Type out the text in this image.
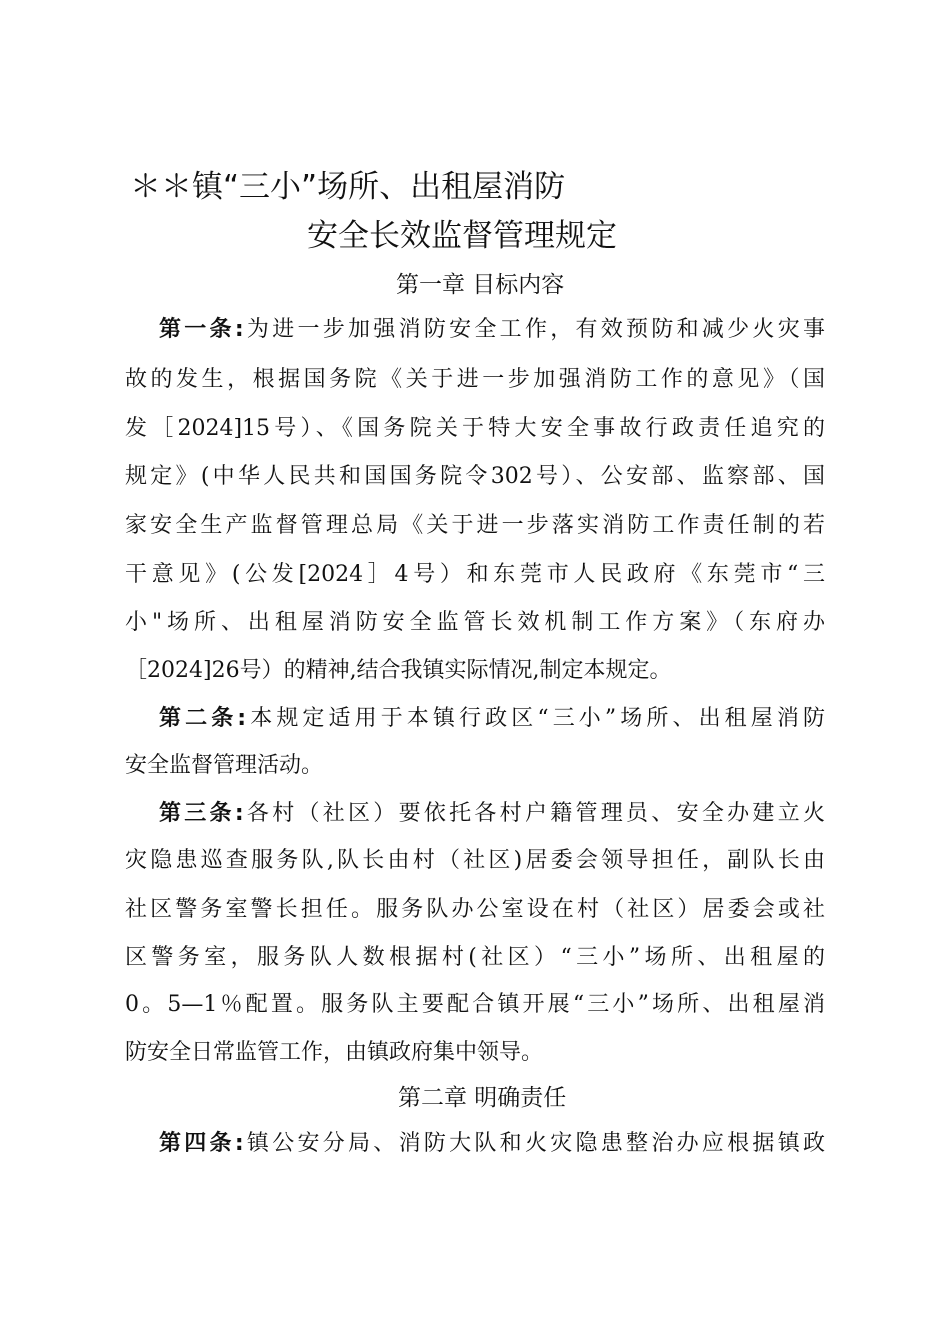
＊＊镇“三小”场所、出租屋消防
安全长效监督管理规定
第一章 目标内容
第一条:为进一步加强消防安全工作，有效预防和减少火灾事
故的发生，根据国务院《关于进一步加强消防工作的意见》（国
发［2024]15号）、《国务院关于特大安全事故行政责任追究的
规定》(中华人民共和国国务院令302号）、公安部、监察部、国
家安全生产监督管理总局《关于进一步落实消防工作责任制的若
干意见》(公发[2024］4号）和东莞市人民政府《东莞市“三
小"场所、出租屋消防安全监管长效机制工作方案》（东府办
［2024]26号）的精神,结合我镇实际情况,制定本规定。
第二条:本规定适用于本镇行政区“三小”场所、出租屋消防
安全监督管理活动。
第三条:各村（社区）要依托各村户籍管理员、安全办建立火
灾隐患巡查服务队,队长由村（社区)居委会领导担任，副队长由
社区警务室警长担任。服务队办公室设在村（社区）居委会或社
区警务室，服务队人数根据村(社区）“三小”场所、出租屋的
0。5—1％配置。服务队主要配合镇开展“三小”场所、出租屋消
防安全日常监管工作，由镇政府集中领导。
第二章 明确责任
第四条:镇公安分局、消防大队和火灾隐患整治办应根据镇政
